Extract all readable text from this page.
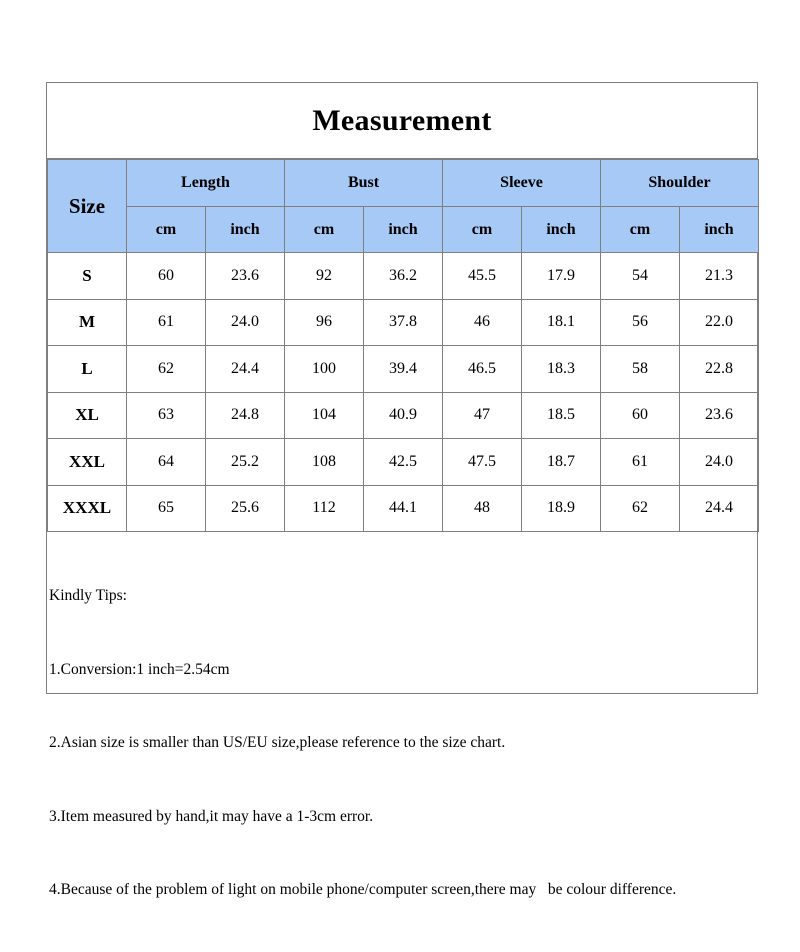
Measurement
Size	Length		Bust		Sleeve		Shoulder	
	cm	inch	cm	inch	cm	inch	cm	inch
S	60	23.6	92	36.2	45.5	17.9	54	21.3
M	61	24.0	96	37.8	46	18.1	56	22.0
L	62	24.4	100	39.4	46.5	18.3	58	22.8
XL	63	24.8	104	40.9	47	18.5	60	23.6
XXL	64	25.2	108	42.5	47.5	18.7	61	24.0
XXXL	65	25.6	112	44.1	48	18.9	62	24.4

Kindly Tips:

1.Conversion:1 inch=2.54cm

2.Asian size is smaller than US/EU size,please reference to the size chart.

3.Item measured by hand,it may have a 1-3cm error.

4.Because of the problem of light on mobile phone/computer screen,there may   be colour difference.
